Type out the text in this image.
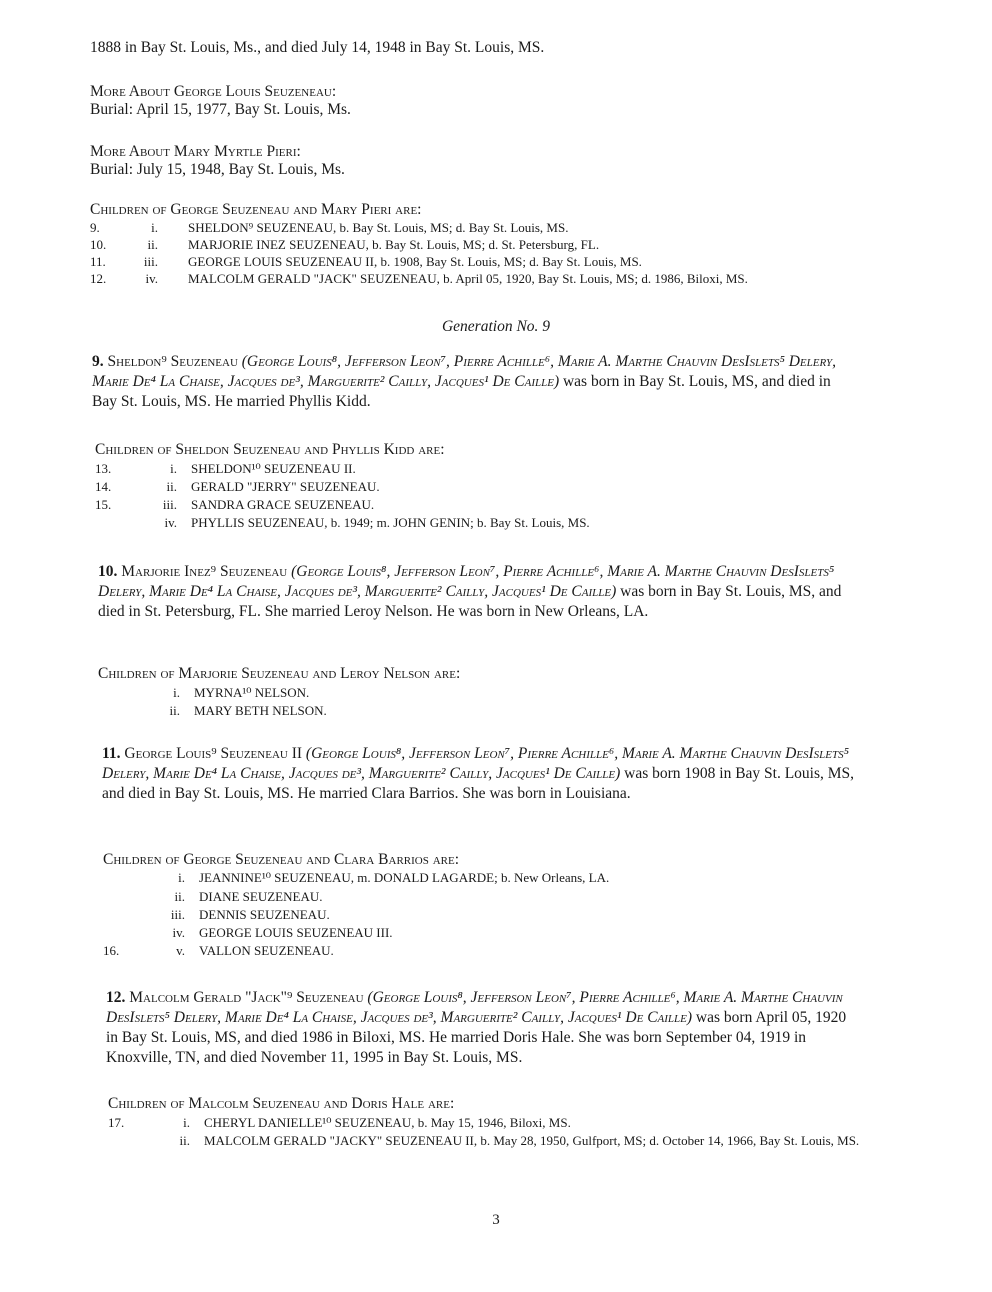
1888 in Bay St. Louis, Ms., and died July 14, 1948 in Bay St. Louis, MS.
More About George Louis Seuzeneau:
Burial: April 15, 1977, Bay St. Louis, Ms.
More About Mary Myrtle Pieri:
Burial: July 15, 1948, Bay St. Louis, Ms.
Children of George Seuzeneau and Mary Pieri are:
9.	i. SHELDON⁹ SEUZENEAU, b. Bay St. Louis, MS; d. Bay St. Louis, MS.
10.	ii. MARJORIE INEZ SEUZENEAU, b. Bay St. Louis, MS; d. St. Petersburg, FL.
11.	iii. GEORGE LOUIS SEUZENEAU II, b. 1908, Bay St. Louis, MS; d. Bay St. Louis, MS.
12.	iv. MALCOLM GERALD "JACK" SEUZENEAU, b. April 05, 1920, Bay St. Louis, MS; d. 1986, Biloxi, MS.
Generation No. 9
9. Sheldon⁹ Seuzeneau (George Louis⁸, Jefferson Leon⁷, Pierre Achille⁶, Marie A. Marthe Chauvin DesIslets⁵ Delery, Marie De⁴ La Chaise, Jacques de³, Marguerite² Cailly, Jacques¹ De Caille) was born in Bay St. Louis, MS, and died in Bay St. Louis, MS. He married Phyllis Kidd.
Children of Sheldon Seuzeneau and Phyllis Kidd are:
13.	i. SHELDON¹⁰ SEUZENEAU II.
14.	ii. GERALD "JERRY" SEUZENEAU.
15.	iii. SANDRA GRACE SEUZENEAU.
iv. PHYLLIS SEUZENEAU, b. 1949; m. JOHN GENIN; b. Bay St. Louis, MS.
10. Marjorie Inez⁹ Seuzeneau (George Louis⁸, Jefferson Leon⁷, Pierre Achille⁶, Marie A. Marthe Chauvin DesIslets⁵ Delery, Marie De⁴ La Chaise, Jacques de³, Marguerite² Cailly, Jacques¹ De Caille) was born in Bay St. Louis, MS, and died in St. Petersburg, FL. She married Leroy Nelson. He was born in New Orleans, LA.
Children of Marjorie Seuzeneau and Leroy Nelson are:
i. MYRNA¹⁰ NELSON.
ii. MARY BETH NELSON.
11. George Louis⁹ Seuzeneau II (George Louis⁸, Jefferson Leon⁷, Pierre Achille⁶, Marie A. Marthe Chauvin DesIslets⁵ Delery, Marie De⁴ La Chaise, Jacques de³, Marguerite² Cailly, Jacques¹ De Caille) was born 1908 in Bay St. Louis, MS, and died in Bay St. Louis, MS. He married Clara Barrios. She was born in Louisiana.
Children of George Seuzeneau and Clara Barrios are:
i. JEANNINE¹⁰ SEUZENEAU, m. DONALD LAGARDE; b. New Orleans, LA.
ii. DIANE SEUZENEAU.
iii. DENNIS SEUZENEAU.
iv. GEORGE LOUIS SEUZENEAU III.
16.	v. VALLON SEUZENEAU.
12. Malcolm Gerald "Jack"⁹ Seuzeneau (George Louis⁸, Jefferson Leon⁷, Pierre Achille⁶, Marie A. Marthe Chauvin DesIslets⁵ Delery, Marie De⁴ La Chaise, Jacques de³, Marguerite² Cailly, Jacques¹ De Caille) was born April 05, 1920 in Bay St. Louis, MS, and died 1986 in Biloxi, MS. He married Doris Hale. She was born September 04, 1919 in Knoxville, TN, and died November 11, 1995 in Bay St. Louis, MS.
Children of Malcolm Seuzeneau and Doris Hale are:
17.	i. CHERYL DANIELLE¹⁰ SEUZENEAU, b. May 15, 1946, Biloxi, MS.
ii. MALCOLM GERALD "JACKY" SEUZENEAU II, b. May 28, 1950, Gulfport, MS; d. October 14, 1966, Bay St. Louis, MS.
3
